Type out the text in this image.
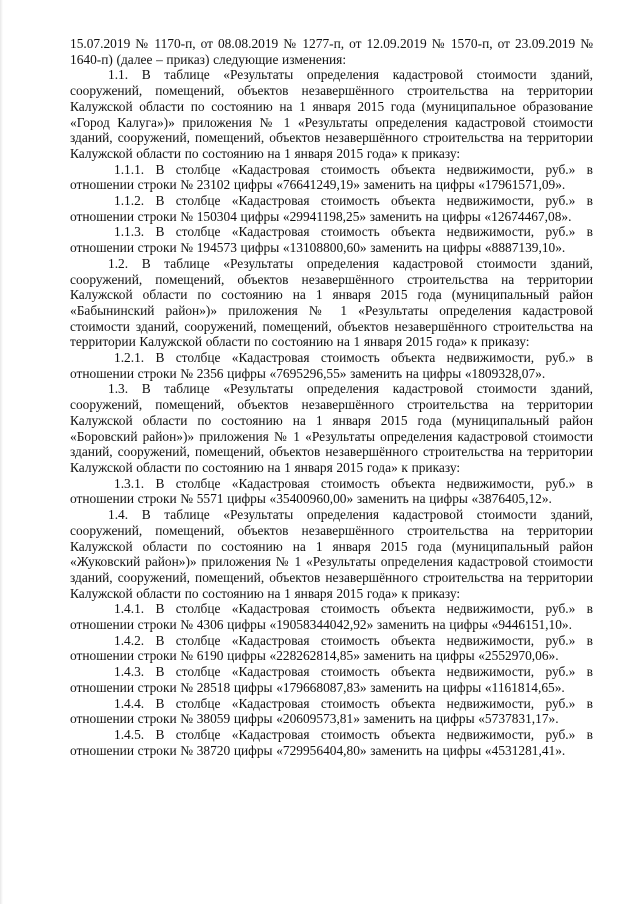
15.07.2019 № 1170-п, от 08.08.2019 № 1277-п, от 12.09.2019 № 1570-п, от 23.09.2019 № 1640-п) (далее – приказ) следующие изменения:

1.1. В таблице «Результаты определения кадастровой стоимости зданий, сооружений, помещений, объектов незавершённого строительства на территории Калужской области по состоянию на 1 января 2015 года (муниципальное образование «Город Калуга»)» приложения № 1 «Результаты определения кадастровой стоимости зданий, сооружений, помещений, объектов незавершённого строительства на территории Калужской области по состоянию на 1 января 2015 года» к приказу:

1.1.1. В столбце «Кадастровая стоимость объекта недвижимости, руб.» в отношении строки № 23102 цифры «76641249,19» заменить на цифры «17961571,09».

1.1.2. В столбце «Кадастровая стоимость объекта недвижимости, руб.» в отношении строки № 150304 цифры «29941198,25» заменить на цифры «12674467,08».

1.1.3. В столбце «Кадастровая стоимость объекта недвижимости, руб.» в отношении строки № 194573 цифры «13108800,60» заменить на цифры «8887139,10».

1.2. В таблице «Результаты определения кадастровой стоимости зданий, сооружений, помещений, объектов незавершённого строительства на территории Калужской области по состоянию на 1 января 2015 года (муниципальный район «Бабынинский район»)» приложения № 1 «Результаты определения кадастровой стоимости зданий, сооружений, помещений, объектов незавершённого строительства на территории Калужской области по состоянию на 1 января 2015 года» к приказу:

1.2.1. В столбце «Кадастровая стоимость объекта недвижимости, руб.» в отношении строки № 2356 цифры «7695296,55» заменить на цифры «1809328,07».

1.3. В таблице «Результаты определения кадастровой стоимости зданий, сооружений, помещений, объектов незавершённого строительства на территории Калужской области по состоянию на 1 января 2015 года (муниципальный район «Боровский район»)» приложения № 1 «Результаты определения кадастровой стоимости зданий, сооружений, помещений, объектов незавершённого строительства на территории Калужской области по состоянию на 1 января 2015 года» к приказу:

1.3.1. В столбце «Кадастровая стоимость объекта недвижимости, руб.» в отношении строки № 5571 цифры «35400960,00» заменить на цифры «3876405,12».

1.4. В таблице «Результаты определения кадастровой стоимости зданий, сооружений, помещений, объектов незавершённого строительства на территории Калужской области по состоянию на 1 января 2015 года (муниципальный район «Жуковский район»)» приложения № 1 «Результаты определения кадастровой стоимости зданий, сооружений, помещений, объектов незавершённого строительства на территории Калужской области по состоянию на 1 января 2015 года» к приказу:

1.4.1. В столбце «Кадастровая стоимость объекта недвижимости, руб.» в отношении строки № 4306 цифры «19058344042,92» заменить на цифры «9446151,10».

1.4.2. В столбце «Кадастровая стоимость объекта недвижимости, руб.» в отношении строки № 6190 цифры «228262814,85» заменить на цифры «2552970,06».

1.4.3. В столбце «Кадастровая стоимость объекта недвижимости, руб.» в отношении строки № 28518 цифры «179668087,83» заменить на цифры «1161814,65».

1.4.4. В столбце «Кадастровая стоимость объекта недвижимости, руб.» в отношении строки № 38059 цифры «20609573,81» заменить на цифры «5737831,17».

1.4.5. В столбце «Кадастровая стоимость объекта недвижимости, руб.» в отношении строки № 38720 цифры «729956404,80» заменить на цифры «4531281,41».
